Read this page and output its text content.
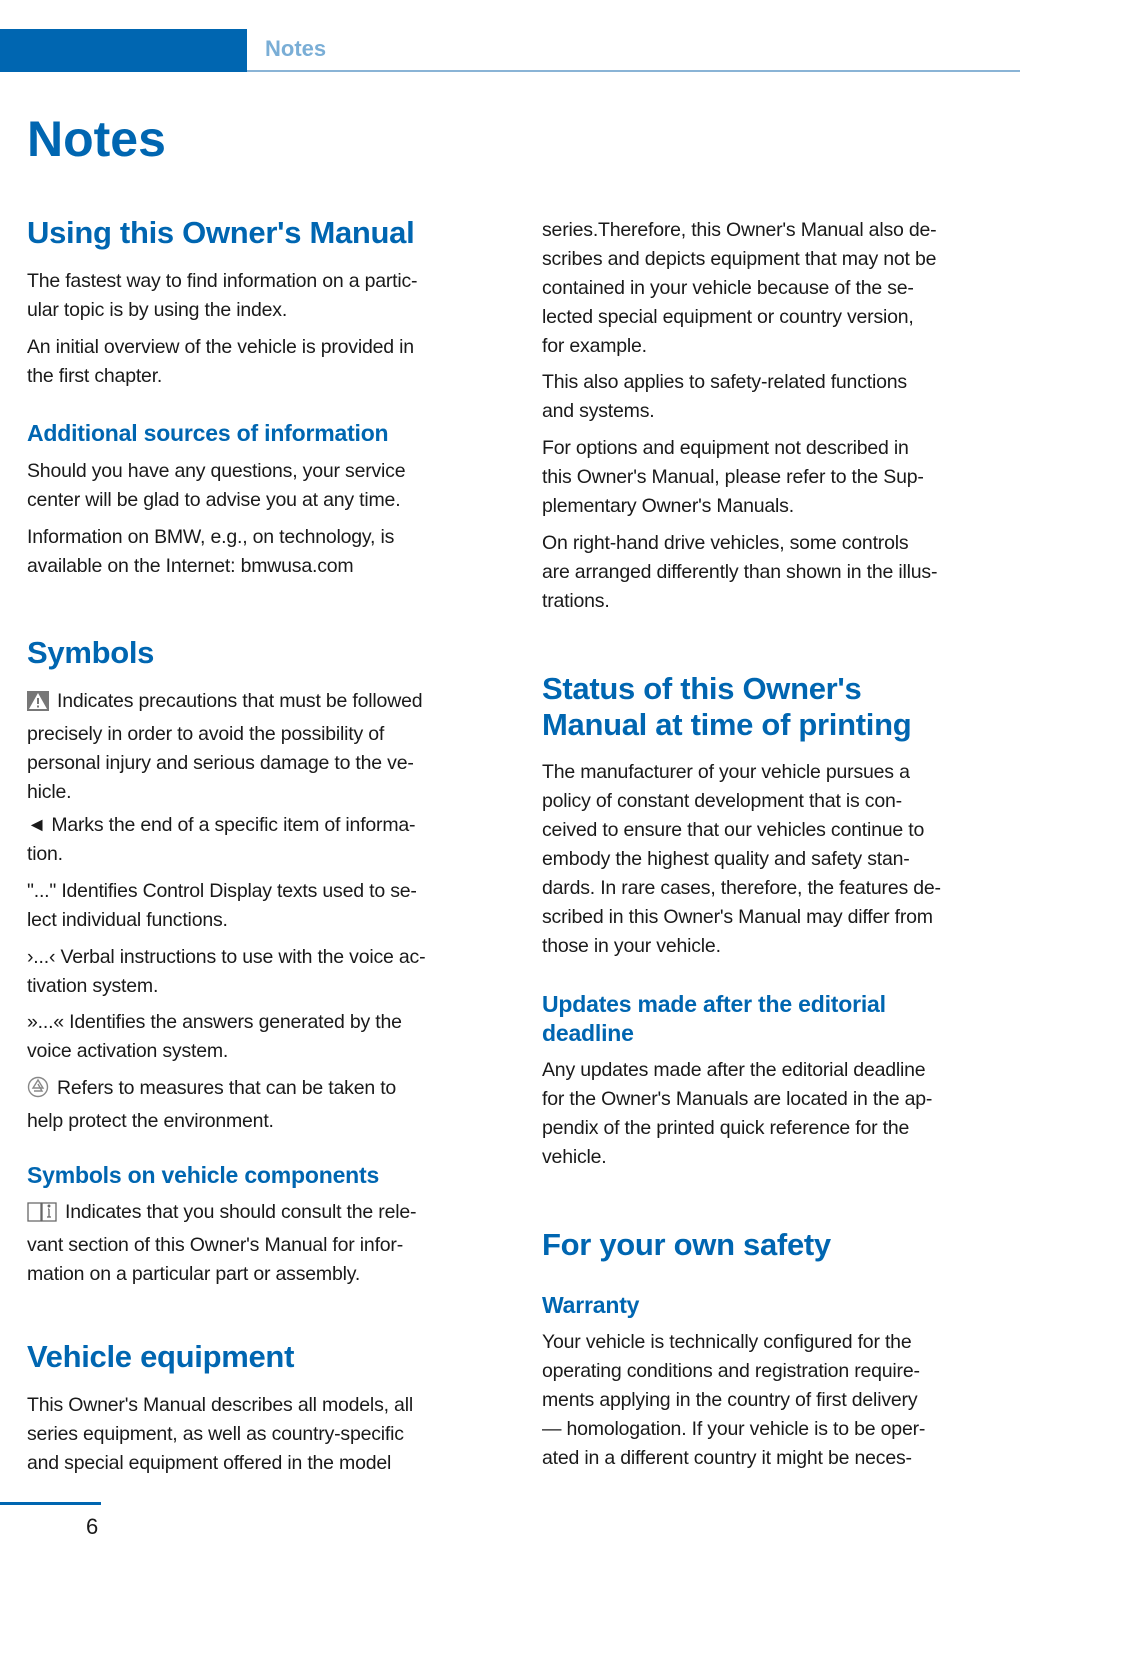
Notes
Notes
Using this Owner's Manual
The fastest way to find information on a partic-
ular topic is by using the index.
An initial overview of the vehicle is provided in
the first chapter.
Additional sources of information
Should you have any questions, your service
center will be glad to advise you at any time.
Information on BMW, e.g., on technology, is
available on the Internet: bmwusa.com
Symbols
Indicates precautions that must be followed
precisely in order to avoid the possibility of
personal injury and serious damage to the ve-
hicle.
◄ Marks the end of a specific item of informa-
tion.
"..." Identifies Control Display texts used to se-
lect individual functions.
›...‹ Verbal instructions to use with the voice ac-
tivation system.
»...« Identifies the answers generated by the
voice activation system.
Refers to measures that can be taken to
help protect the environment.
Symbols on vehicle components
Indicates that you should consult the rele-
vant section of this Owner's Manual for infor-
mation on a particular part or assembly.
Vehicle equipment
This Owner's Manual describes all models, all
series equipment, as well as country-specific
and special equipment offered in the model
series.Therefore, this Owner's Manual also de-
scribes and depicts equipment that may not be
contained in your vehicle because of the se-
lected special equipment or country version,
for example.
This also applies to safety-related functions
and systems.
For options and equipment not described in
this Owner's Manual, please refer to the Sup-
plementary Owner's Manuals.
On right-hand drive vehicles, some controls
are arranged differently than shown in the illus-
trations.
Status of this Owner's
Manual at time of printing
The manufacturer of your vehicle pursues a
policy of constant development that is con-
ceived to ensure that our vehicles continue to
embody the highest quality and safety stan-
dards. In rare cases, therefore, the features de-
scribed in this Owner's Manual may differ from
those in your vehicle.
Updates made after the editorial
deadline
Any updates made after the editorial deadline
for the Owner's Manuals are located in the ap-
pendix of the printed quick reference for the
vehicle.
For your own safety
Warranty
Your vehicle is technically configured for the
operating conditions and registration require-
ments applying in the country of first delivery
— homologation. If your vehicle is to be oper-
ated in a different country it might be neces-
6
